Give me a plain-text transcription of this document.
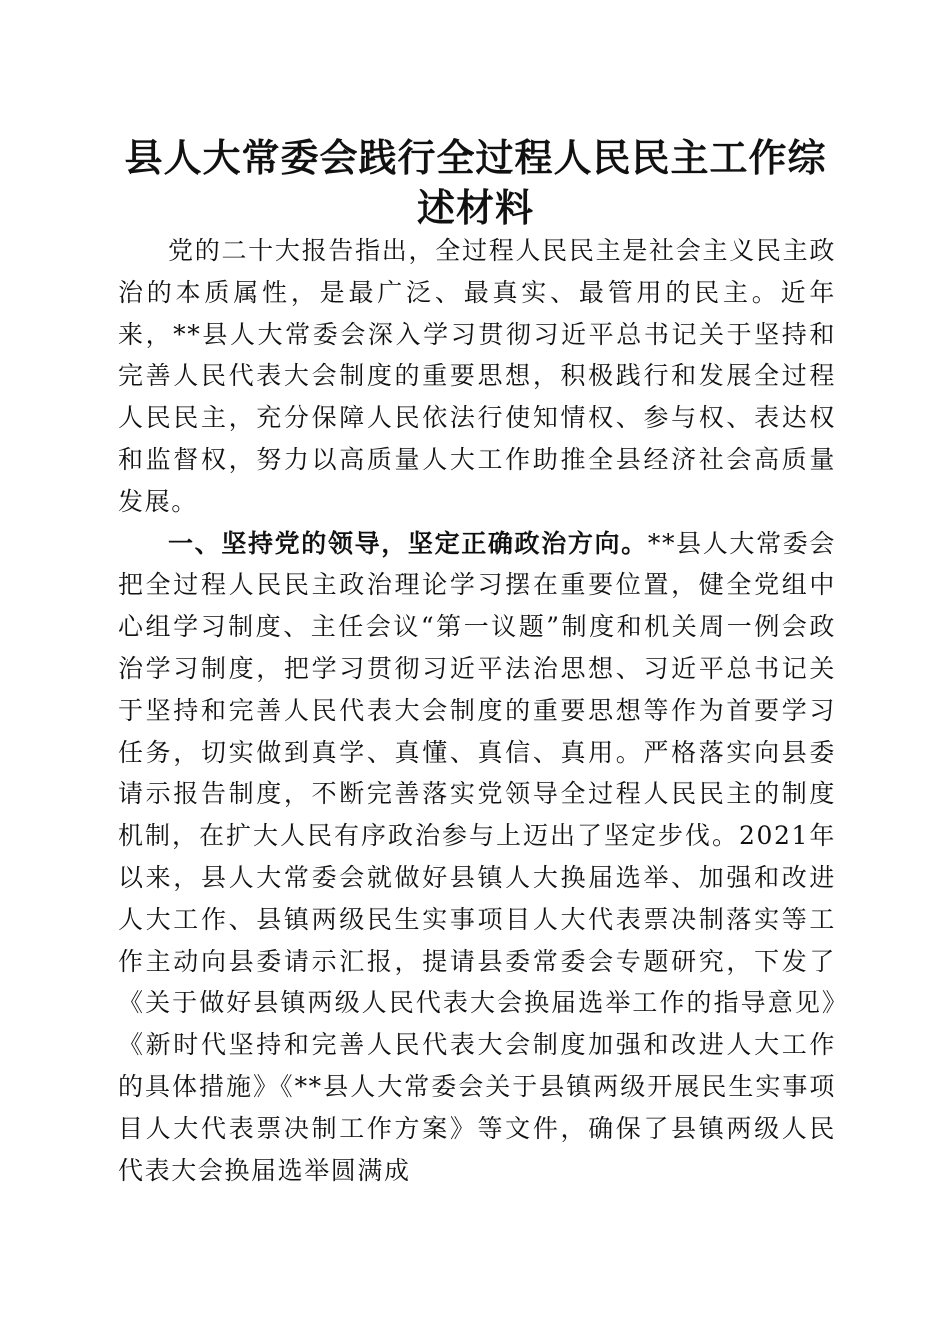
县人大常委会践行全过程人民民主工作综述材料

党的二十大报告指出，全过程人民民主是社会主义民主政治的本质属性，是最广泛、最真实、最管用的民主。近年来，**县人大常委会深入学习贯彻习近平总书记关于坚持和完善人民代表大会制度的重要思想，积极践行和发展全过程人民民主，充分保障人民依法行使知情权、参与权、表达权和监督权，努力以高质量人大工作助推全县经济社会高质量发展。

一、坚持党的领导，坚定正确政治方向。**县人大常委会把全过程人民民主政治理论学习摆在重要位置，健全党组中心组学习制度、主任会议“第一议题”制度和机关周一例会政治学习制度，把学习贯彻习近平法治思想、习近平总书记关于坚持和完善人民代表大会制度的重要思想等作为首要学习任务，切实做到真学、真懂、真信、真用。严格落实向县委请示报告制度，不断完善落实党领导全过程人民民主的制度机制，在扩大人民有序政治参与上迈出了坚定步伐。2021年以来，县人大常委会就做好县镇人大换届选举、加强和改进人大工作、县镇两级民生实事项目人大代表票决制落实等工作主动向县委请示汇报，提请县委常委会专题研究，下发了《关于做好县镇两级人民代表大会换届选举工作的指导意见》《新时代坚持和完善人民代表大会制度加强和改进人大工作的具体措施》《**县人大常委会关于县镇两级开展民生实事项目人大代表票决制工作方案》等文件，确保了县镇两级人民代表大会换届选举圆满成
